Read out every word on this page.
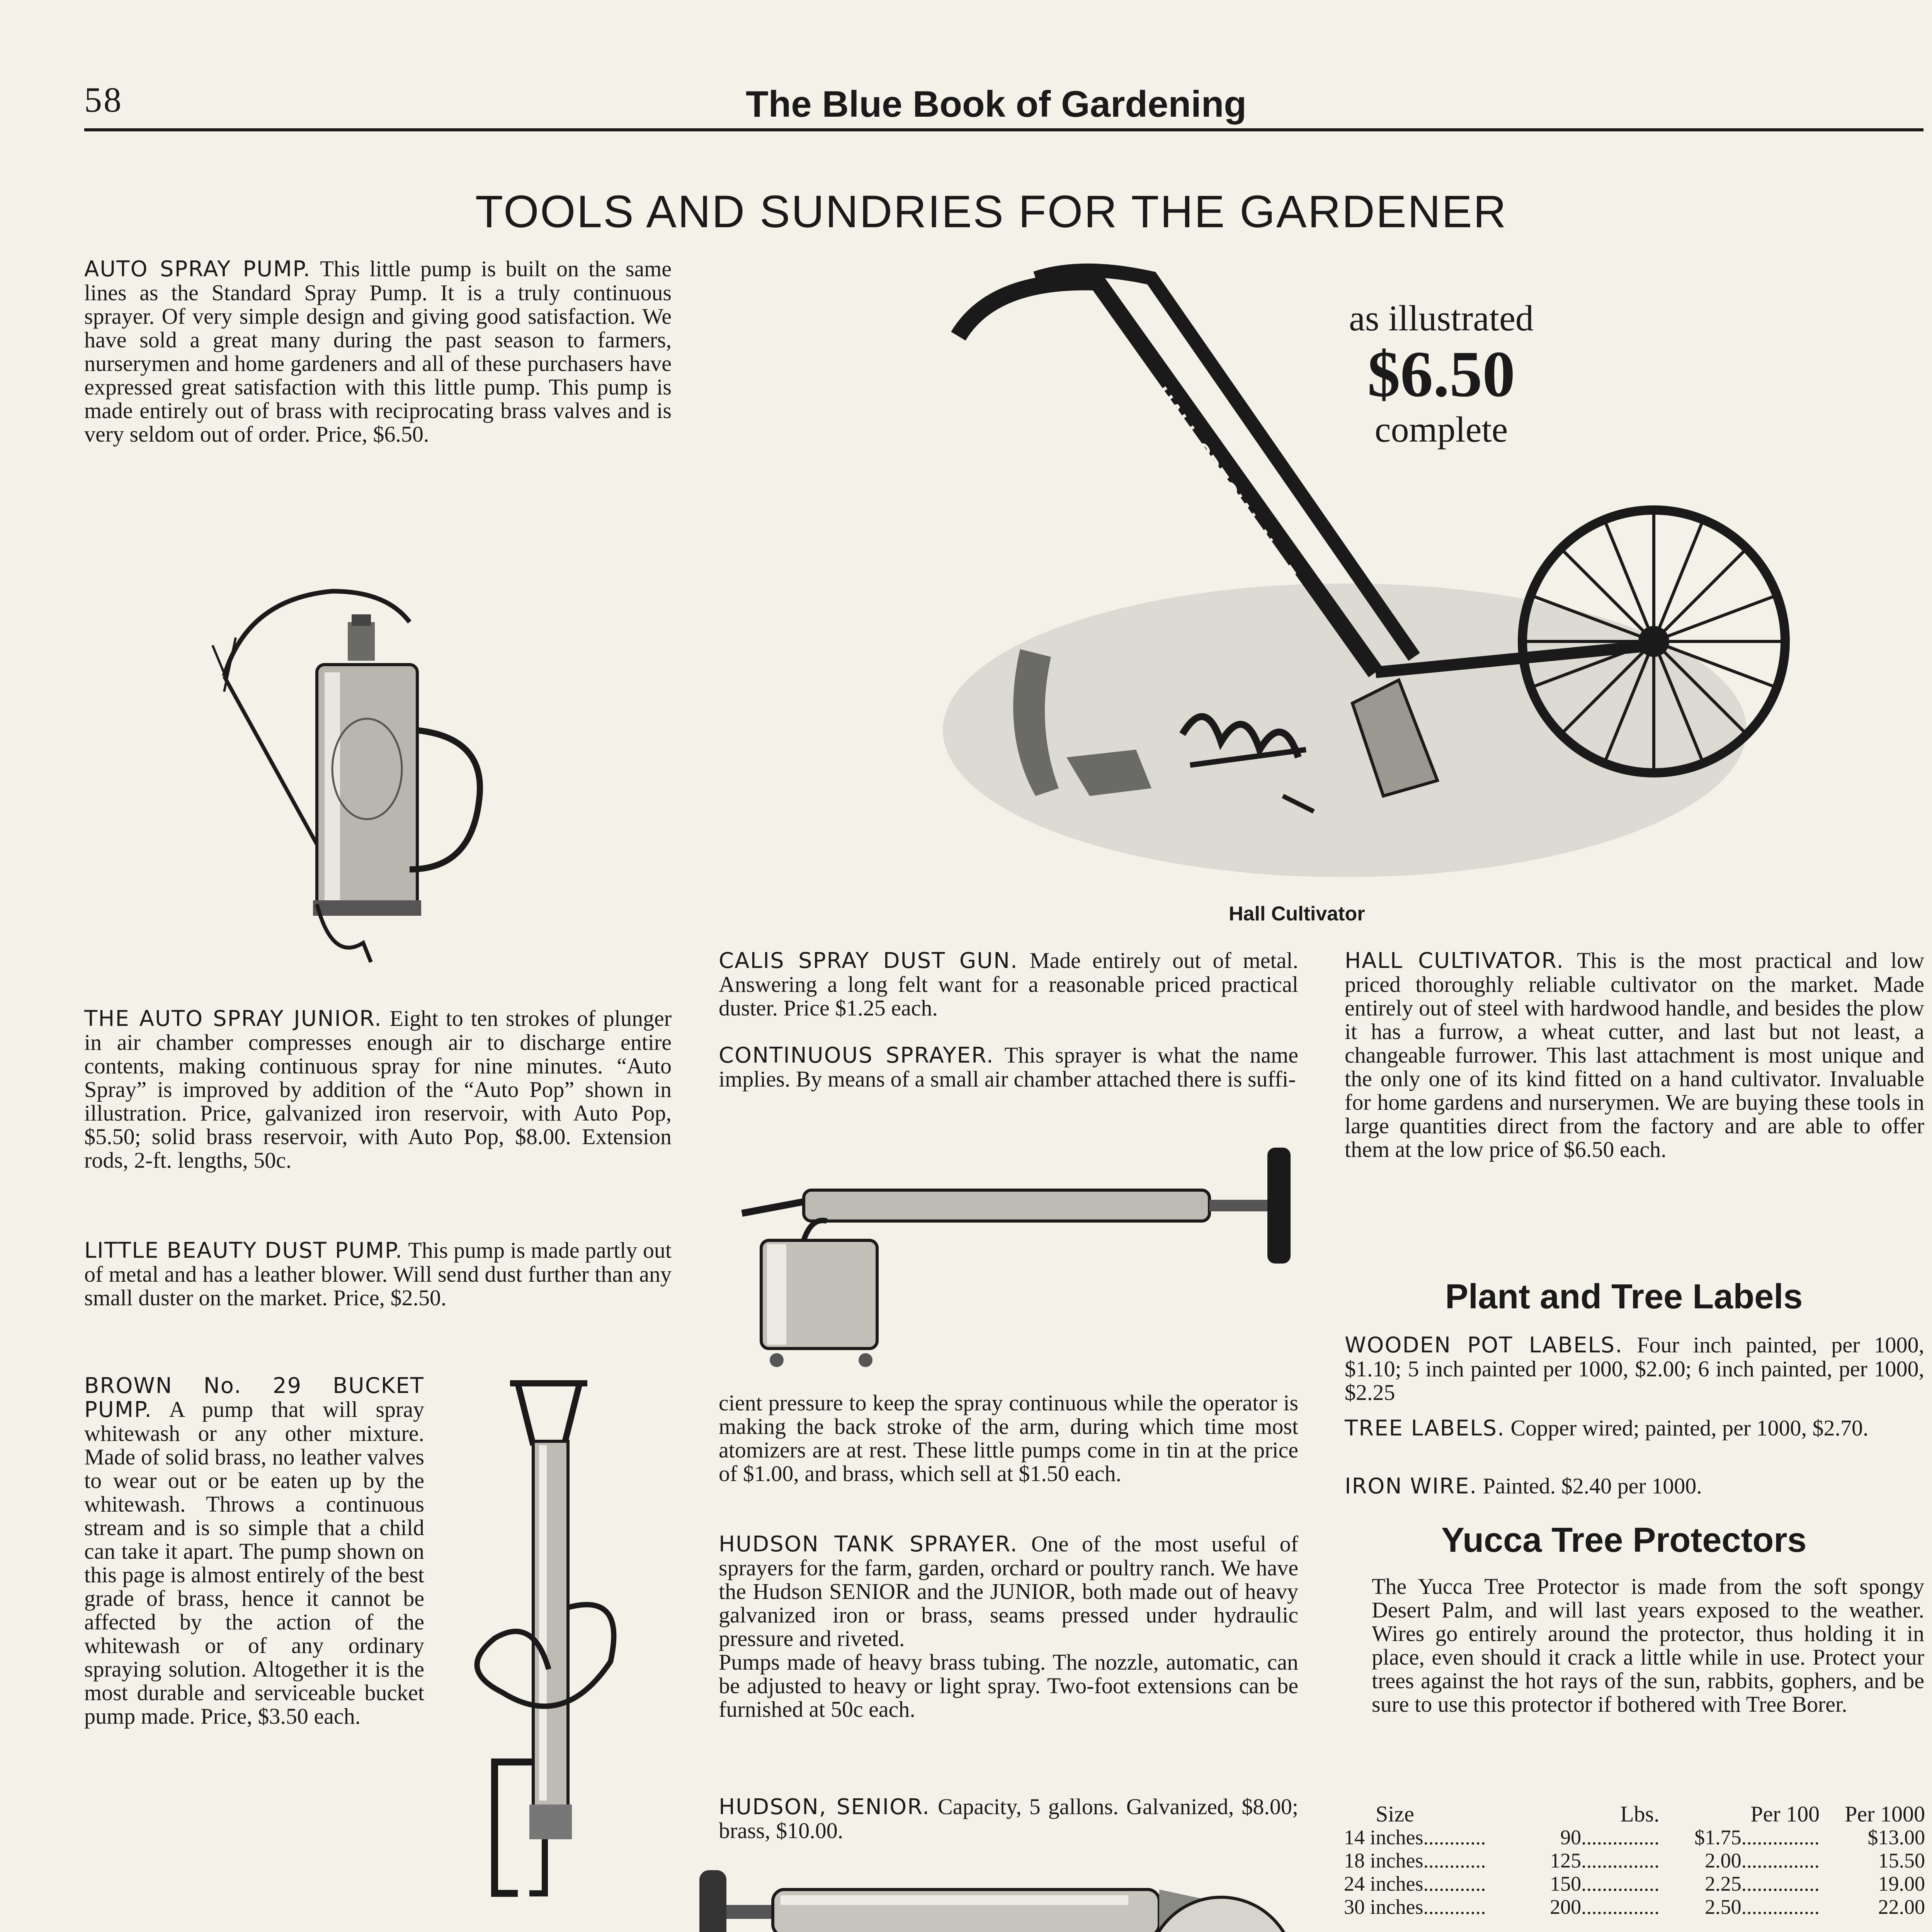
58	The Blue Book of Gardening
TOOLS AND SUNDRIES FOR THE GARDENER
AUTO SPRAY PUMP. This little pump is built on the same lines as the Standard Spray Pump. It is a truly continuous sprayer. Of very simple design and giving good satisfaction. We have sold a great many during the past season to farmers, nurserymen and home gardeners and all of these purchasers have expressed great satisfaction with this little pump. This pump is made entirely out of brass with reciprocating brass valves and is very seldom out of order. Price, $6.50.
THE AUTO SPRAY JUNIOR. Eight to ten strokes of plunger in air chamber compresses enough air to discharge entire contents, making continuous spray for nine minutes. “Auto Spray” is improved by addition of the “Auto Pop” shown in illustration. Price, galvanized iron reservoir, with Auto Pop, $5.50; solid brass reservoir, with Auto Pop, $8.00. Extension rods, 2-ft. lengths, 50c.
LITTLE BEAUTY DUST PUMP. This pump is made partly out of metal and has a leather blower. Will send dust further than any small duster on the market. Price, $2.50.
BROWN No. 29 BUCKET PUMP. A pump that will spray whitewash or any other mixture. Made of solid brass, no leather valves to wear out or be eaten up by the whitewash. Throws a continuous stream and is so simple that a child can take it apart. The pump shown on this page is almost entirely of the best grade of brass, hence it cannot be affected by the action of the whitewash or of any ordinary spraying solution. Altogether it is the most durable and serviceable bucket pump made. Price, $3.50 each.
HALL SPECIAL No. 7
as illustrated
$6.50
complete
Hall Cultivator
CALIS SPRAY DUST GUN. Made entirely out of metal. Answering a long felt want for a reasonable priced practical duster. Price $1.25 each.
CONTINUOUS SPRAYER. This sprayer is what the name implies. By means of a small air chamber attached there is suffi-
cient pressure to keep the spray continuous while the operator is making the back stroke of the arm, during which time most atomizers are at rest. These little pumps come in tin at the price of $1.00, and brass, which sell at $1.50 each.
HUDSON TANK SPRAYER. One of the most useful of sprayers for the farm, garden, orchard or poultry ranch. We have the Hudson SENIOR and the JUNIOR, both made out of heavy galvanized iron or brass, seams pressed under hydraulic pressure and riveted.
Pumps made of heavy brass tubing. The nozzle, automatic, can be adjusted to heavy or light spray. Two-foot extensions can be furnished at 50c each.
HUDSON, SENIOR. Capacity, 5 gallons. Galvanized, $8.00; brass, $10.00.
HALL CULTIVATOR. This is the most practical and low priced thoroughly reliable cultivator on the market. Made entirely out of steel with hardwood handle, and besides the plow it has a furrow, a wheat cutter, and last but not least, a changeable furrower. This last attachment is most unique and the only one of its kind fitted on a hand cultivator. Invaluable for home gardens and nurserymen. We are buying these tools in large quantities direct from the factory and are able to offer them at the low price of $6.50 each.
Plant and Tree Labels
WOODEN POT LABELS. Four inch painted, per 1000, $1.10; 5 inch painted per 1000, $2.00; 6 inch painted, per 1000, $2.25
TREE LABELS. Copper wired; painted, per 1000, $2.70.
IRON WIRE. Painted. $2.40 per 1000.
Yucca Tree Protectors
The Yucca Tree Protector is made from the soft spongy Desert Palm, and will last years exposed to the weather. Wires go entirely around the protector, thus holding it in place, even should it crack a little while in use. Protect your trees against the hot rays of the sun, rabbits, gophers, and be sure to use this protector if bothered with Tree Borer.
Size	Lbs.	Per 100	Per 1000
14 inches............	90...............	$1.75...............	$13.00
18 inches............	125...............	2.00...............	15.50
24 inches............	150...............	2.25...............	19.00
30 inches............	200...............	2.50...............	22.00
